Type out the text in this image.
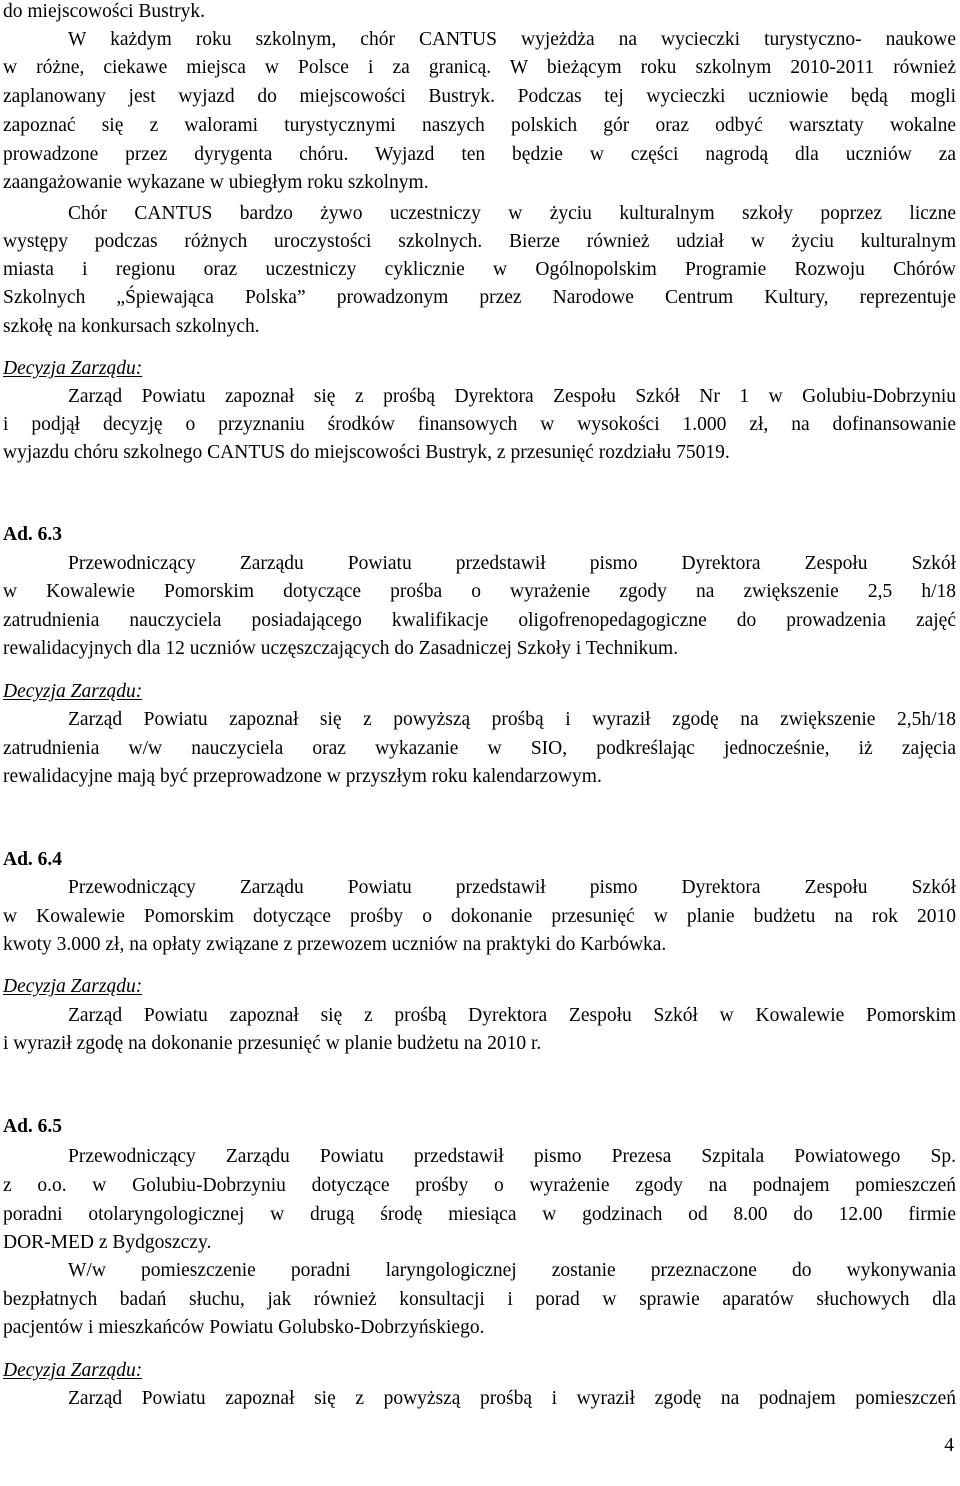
4
do miejscowości Bustryk.
W każdym roku szkolnym, chór CANTUS wyjeżdża na wycieczki turystyczno- naukowe
w różne, ciekawe miejsca w Polsce i za granicą. W bieżącym roku szkolnym 2010-2011 również
zaplanowany jest wyjazd do miejscowości Bustryk. Podczas tej wycieczki uczniowie będą mogli
zapoznać się z walorami turystycznymi naszych polskich gór oraz odbyć warsztaty wokalne
prowadzone przez dyrygenta chóru. Wyjazd ten będzie w części nagrodą dla uczniów za
zaangażowanie wykazane w ubiegłym roku szkolnym.
Chór CANTUS bardzo żywo uczestniczy w życiu kulturalnym szkoły poprzez liczne
występy podczas różnych uroczystości szkolnych. Bierze również udział w życiu kulturalnym
miasta i regionu oraz uczestniczy cyklicznie w Ogólnopolskim Programie Rozwoju Chórów
Szkolnych „Śpiewająca Polska” prowadzonym przez Narodowe Centrum Kultury, reprezentuje
szkołę na konkursach szkolnych.
Decyzja Zarządu:
Zarząd Powiatu zapoznał się z prośbą Dyrektora Zespołu Szkół Nr 1 w Golubiu-Dobrzyniu
i podjął decyzję o przyznaniu środków finansowych w wysokości 1.000 zł, na dofinansowanie
wyjazdu chóru szkolnego CANTUS do miejscowości Bustryk, z przesunięć rozdziału 75019.
Ad. 6.3
Przewodniczący Zarządu Powiatu przedstawił pismo Dyrektora Zespołu Szkół
w Kowalewie Pomorskim dotyczące prośba o wyrażenie zgody na zwiększenie 2,5 h/18
zatrudnienia nauczyciela posiadającego kwalifikacje oligofrenopedagogiczne do prowadzenia zajęć
rewalidacyjnych dla 12 uczniów uczęszczających do Zasadniczej Szkoły i Technikum.
Decyzja Zarządu:
Zarząd Powiatu zapoznał się z powyższą prośbą i wyraził zgodę na zwiększenie 2,5h/18
zatrudnienia w/w nauczyciela oraz wykazanie w SIO, podkreślając jednocześnie, iż zajęcia
rewalidacyjne mają być przeprowadzone w przyszłym roku kalendarzowym.
Ad. 6.4
Przewodniczący Zarządu Powiatu przedstawił pismo Dyrektora Zespołu Szkół
w Kowalewie Pomorskim dotyczące prośby o dokonanie przesunięć w planie budżetu na rok 2010
kwoty 3.000 zł, na opłaty związane z przewozem uczniów na praktyki do Karbówka.
Decyzja Zarządu:
Zarząd Powiatu zapoznał się z prośbą Dyrektora Zespołu Szkół w Kowalewie Pomorskim
i wyraził zgodę na dokonanie przesunięć w planie budżetu na 2010 r.
Ad. 6.5
Przewodniczący Zarządu Powiatu przedstawił pismo Prezesa Szpitala Powiatowego Sp.
z o.o. w Golubiu-Dobrzyniu dotyczące prośby o wyrażenie zgody na podnajem pomieszczeń
poradni otolaryngologicznej w drugą środę miesiąca w godzinach od 8.00 do 12.00 firmie
DOR-MED z Bydgoszczy.
W/w pomieszczenie poradni laryngologicznej zostanie przeznaczone do wykonywania
bezpłatnych badań słuchu, jak również konsultacji i porad w sprawie aparatów słuchowych dla
pacjentów i mieszkańców Powiatu Golubsko-Dobrzyńskiego.
Decyzja Zarządu:
Zarząd Powiatu zapoznał się z powyższą prośbą i wyraził zgodę na podnajem pomieszczeń
